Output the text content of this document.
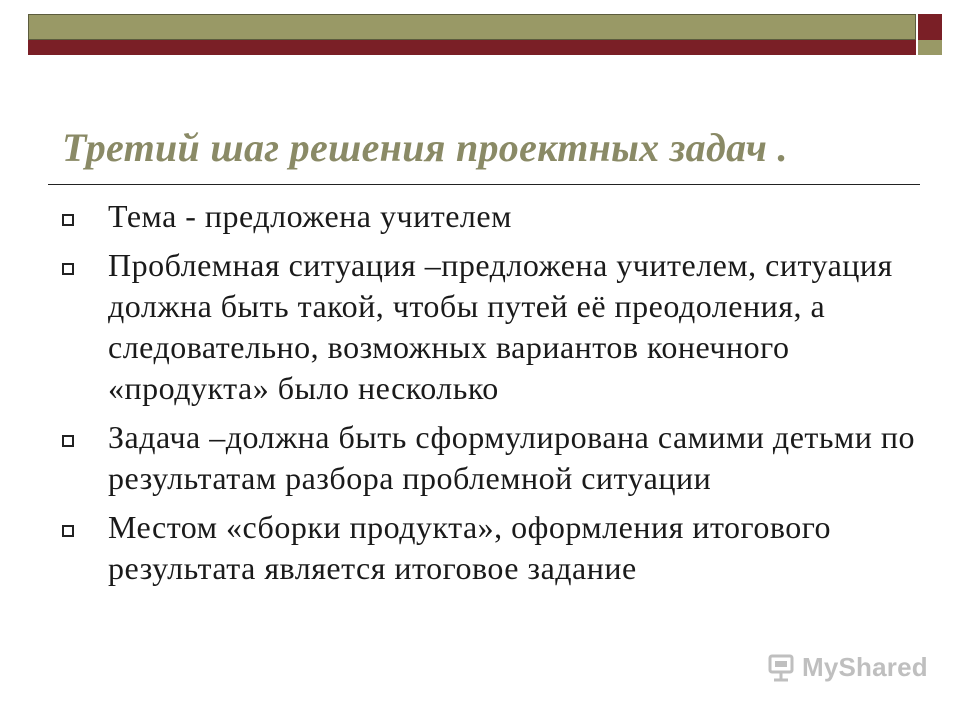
Третий шаг решения проектных задач .
Тема - предложена учителем
Проблемная ситуация –предложена учителем, ситуация должна быть такой, чтобы путей её преодоления, а следовательно, возможных вариантов конечного «продукта» было несколько
Задача –должна быть сформулирована самими детьми по результатам разбора проблемной ситуации
Местом «сборки продукта», оформления итогового результата является итоговое задание
MyShared
